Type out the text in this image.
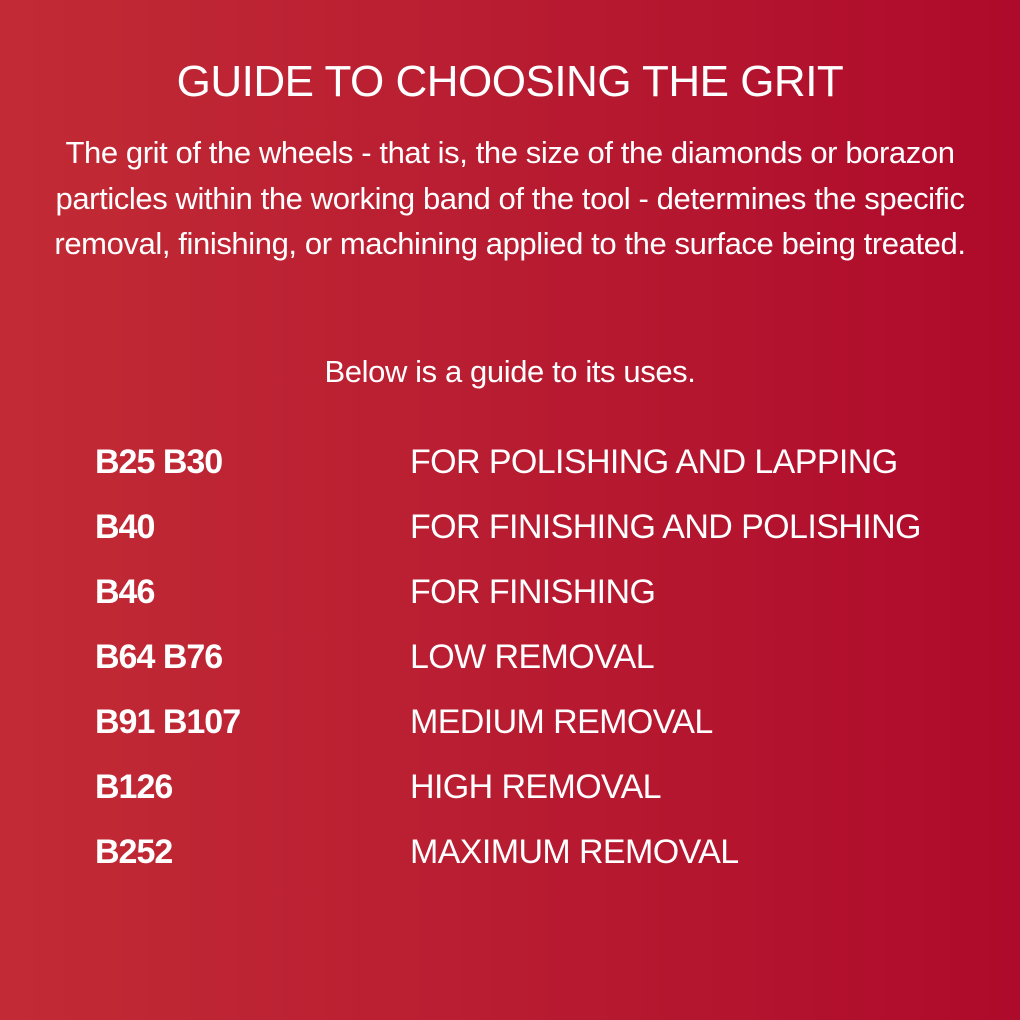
GUIDE TO CHOOSING THE GRIT

The grit of the wheels - that is, the size of the diamonds or borazon particles within the working band of the tool - determines the specific removal, finishing, or machining applied to the surface being treated.

Below is a guide to its uses.

B25 B30	FOR POLISHING AND LAPPING
B40	FOR FINISHING AND POLISHING
B46	FOR FINISHING
B64 B76	LOW REMOVAL
B91 B107	MEDIUM REMOVAL
B126	HIGH REMOVAL
B252	MAXIMUM REMOVAL
